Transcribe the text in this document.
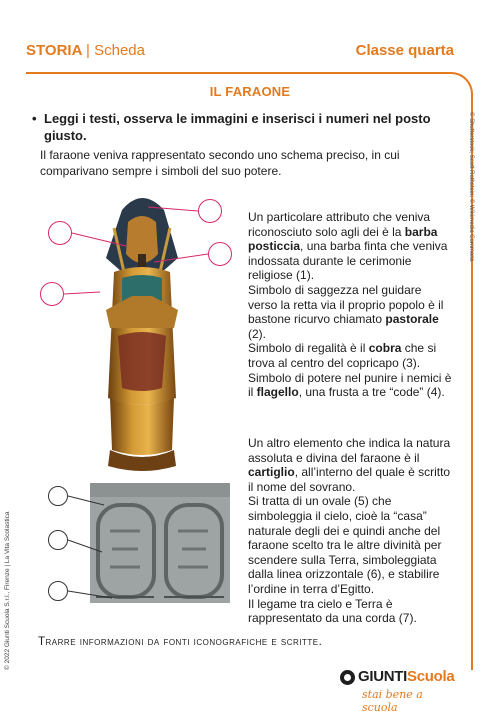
STORIA | Scheda	Classe quarta
© Shutterstock; Scott Rothstein; © Wikimedia Commons
IL FARAONE
• Leggi i testi, osserva le immagini e inserisci i numeri nel posto giusto.
Il faraone veniva rappresentato secondo uno schema preciso, in cui comparivano sempre i simboli del suo potere.

Un particolare attributo che veniva riconosciuto solo agli dei è la barba posticcia, una barba finta che veniva indossata durante le cerimonie religiose (1).

Simbolo di saggezza nel guidare verso la retta via il proprio popolo è il bastone ricurvo chiamato pastorale (2).

Simbolo di regalità è il cobra che si trova al centro del copricapo (3).

Simbolo di potere nel punire i nemici è il flagello, una frusta a tre “code” (4).

Un altro elemento che indica la natura assoluta e divina del faraone è il cartiglio, all’interno del quale è scritto il nome del sovrano.

Si tratta di un ovale (5) che simboleggia il cielo, cioè la “casa” naturale degli dei e quindi anche del faraone scelto tra le altre divinità per scendere sulla Terra, simboleggiata dalla linea orizzontale (6), e stabilire l’ordine in terra d’Egitto.

Il legame tra cielo e Terra è rappresentato da una corda (7).

© 2022 Giunti Scuola S.r.l., Firenze | La Vita Scolastica Trarre informazioni da fonti iconografiche e scritte.
GIUNTIScuola
stai bene a scuola
